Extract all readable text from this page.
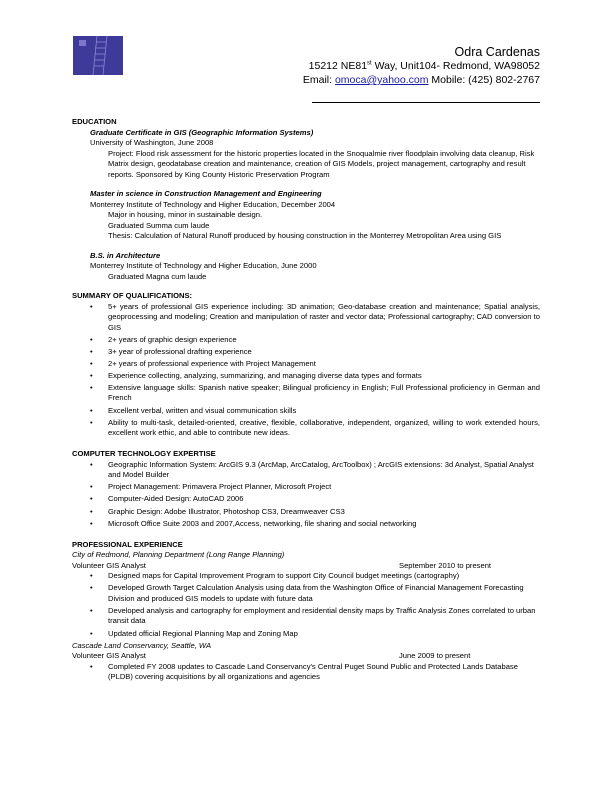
Odra Cardenas
15212 NE81st Way, Unit104- Redmond, WA98052
Email: omoca@yahoo.com Mobile: (425) 802-2767
EDUCATION
Graduate Certificate in GIS (Geographic Information Systems)
University of Washington, June 2008
Project: Flood risk assessment for the historic properties located in the Snoqualmie river floodplain involving data cleanup, Risk Matrix design, geodatabase creation and maintenance, creation of GIS Models, project management, cartography and result reports. Sponsored by King County Historic Preservation Program
Master in science in Construction Management and Engineering
Monterrey Institute of Technology and Higher Education, December 2004
Major in housing, minor in sustainable design.
Graduated Summa cum laude
Thesis: Calculation of Natural Runoff produced by housing construction in the Monterrey Metropolitan Area using GIS
B.S. in Architecture
Monterrey Institute of Technology and Higher Education, June 2000
Graduated Magna cum laude
SUMMARY OF QUALIFICATIONS:
• 5+ years of professional GIS experience including: 3D animation; Geo-database creation and maintenance; Spatial analysis, geoprocessing and modeling; Creation and manipulation of raster and vector data; Professional cartography; CAD conversion to GIS
• 2+ years of graphic design experience
• 3+ year of professional drafting experience
• 2+ years of professional experience with Project Management
• Experience collecting, analyzing, summarizing, and managing diverse data types and formats
• Extensive language skills: Spanish native speaker; Bilingual proficiency in English; Full Professional proficiency in German and French
• Excellent verbal, written and visual communication skills
• Ability to multi-task, detailed-oriented, creative, flexible, collaborative, independent, organized, willing to work extended hours, excellent work ethic, and able to contribute new ideas.
COMPUTER TECHNOLOGY EXPERTISE
• Geographic Information System: ArcGIS 9.3 (ArcMap, ArcCatalog, ArcToolbox) ; ArcGIS extensions: 3d Analyst, Spatial Analyst and Model Builder
• Project Management: Primavera Project Planner, Microsoft Project
• Computer-Aided Design: AutoCAD 2006
• Graphic Design: Adobe Illustrator, Photoshop CS3, Dreamweaver CS3
• Microsoft Office Suite 2003 and 2007,Access, networking, file sharing and social networking
PROFESSIONAL EXPERIENCE
City of Redmond, Planning Department (Long Range Planning)
Volunteer GIS Analyst	September 2010 to present
• Designed maps for Capital Improvement Program to support City Council budget meetings (cartography)
• Developed Growth Target Calculation Analysis using data from the Washington Office of Financial Management Forecasting Division and produced GIS models to update with future data
• Developed analysis and cartography for employment and residential density maps by Traffic Analysis Zones correlated to urban transit data
• Updated official Regional Planning Map and Zoning Map
Cascade Land Conservancy, Seattle, WA
Volunteer GIS Analyst	June 2009 to present
• Completed FY 2008 updates to Cascade Land Conservancy's Central Puget Sound Public and Protected Lands Database (PLDB) covering acquisitions by all organizations and agencies
